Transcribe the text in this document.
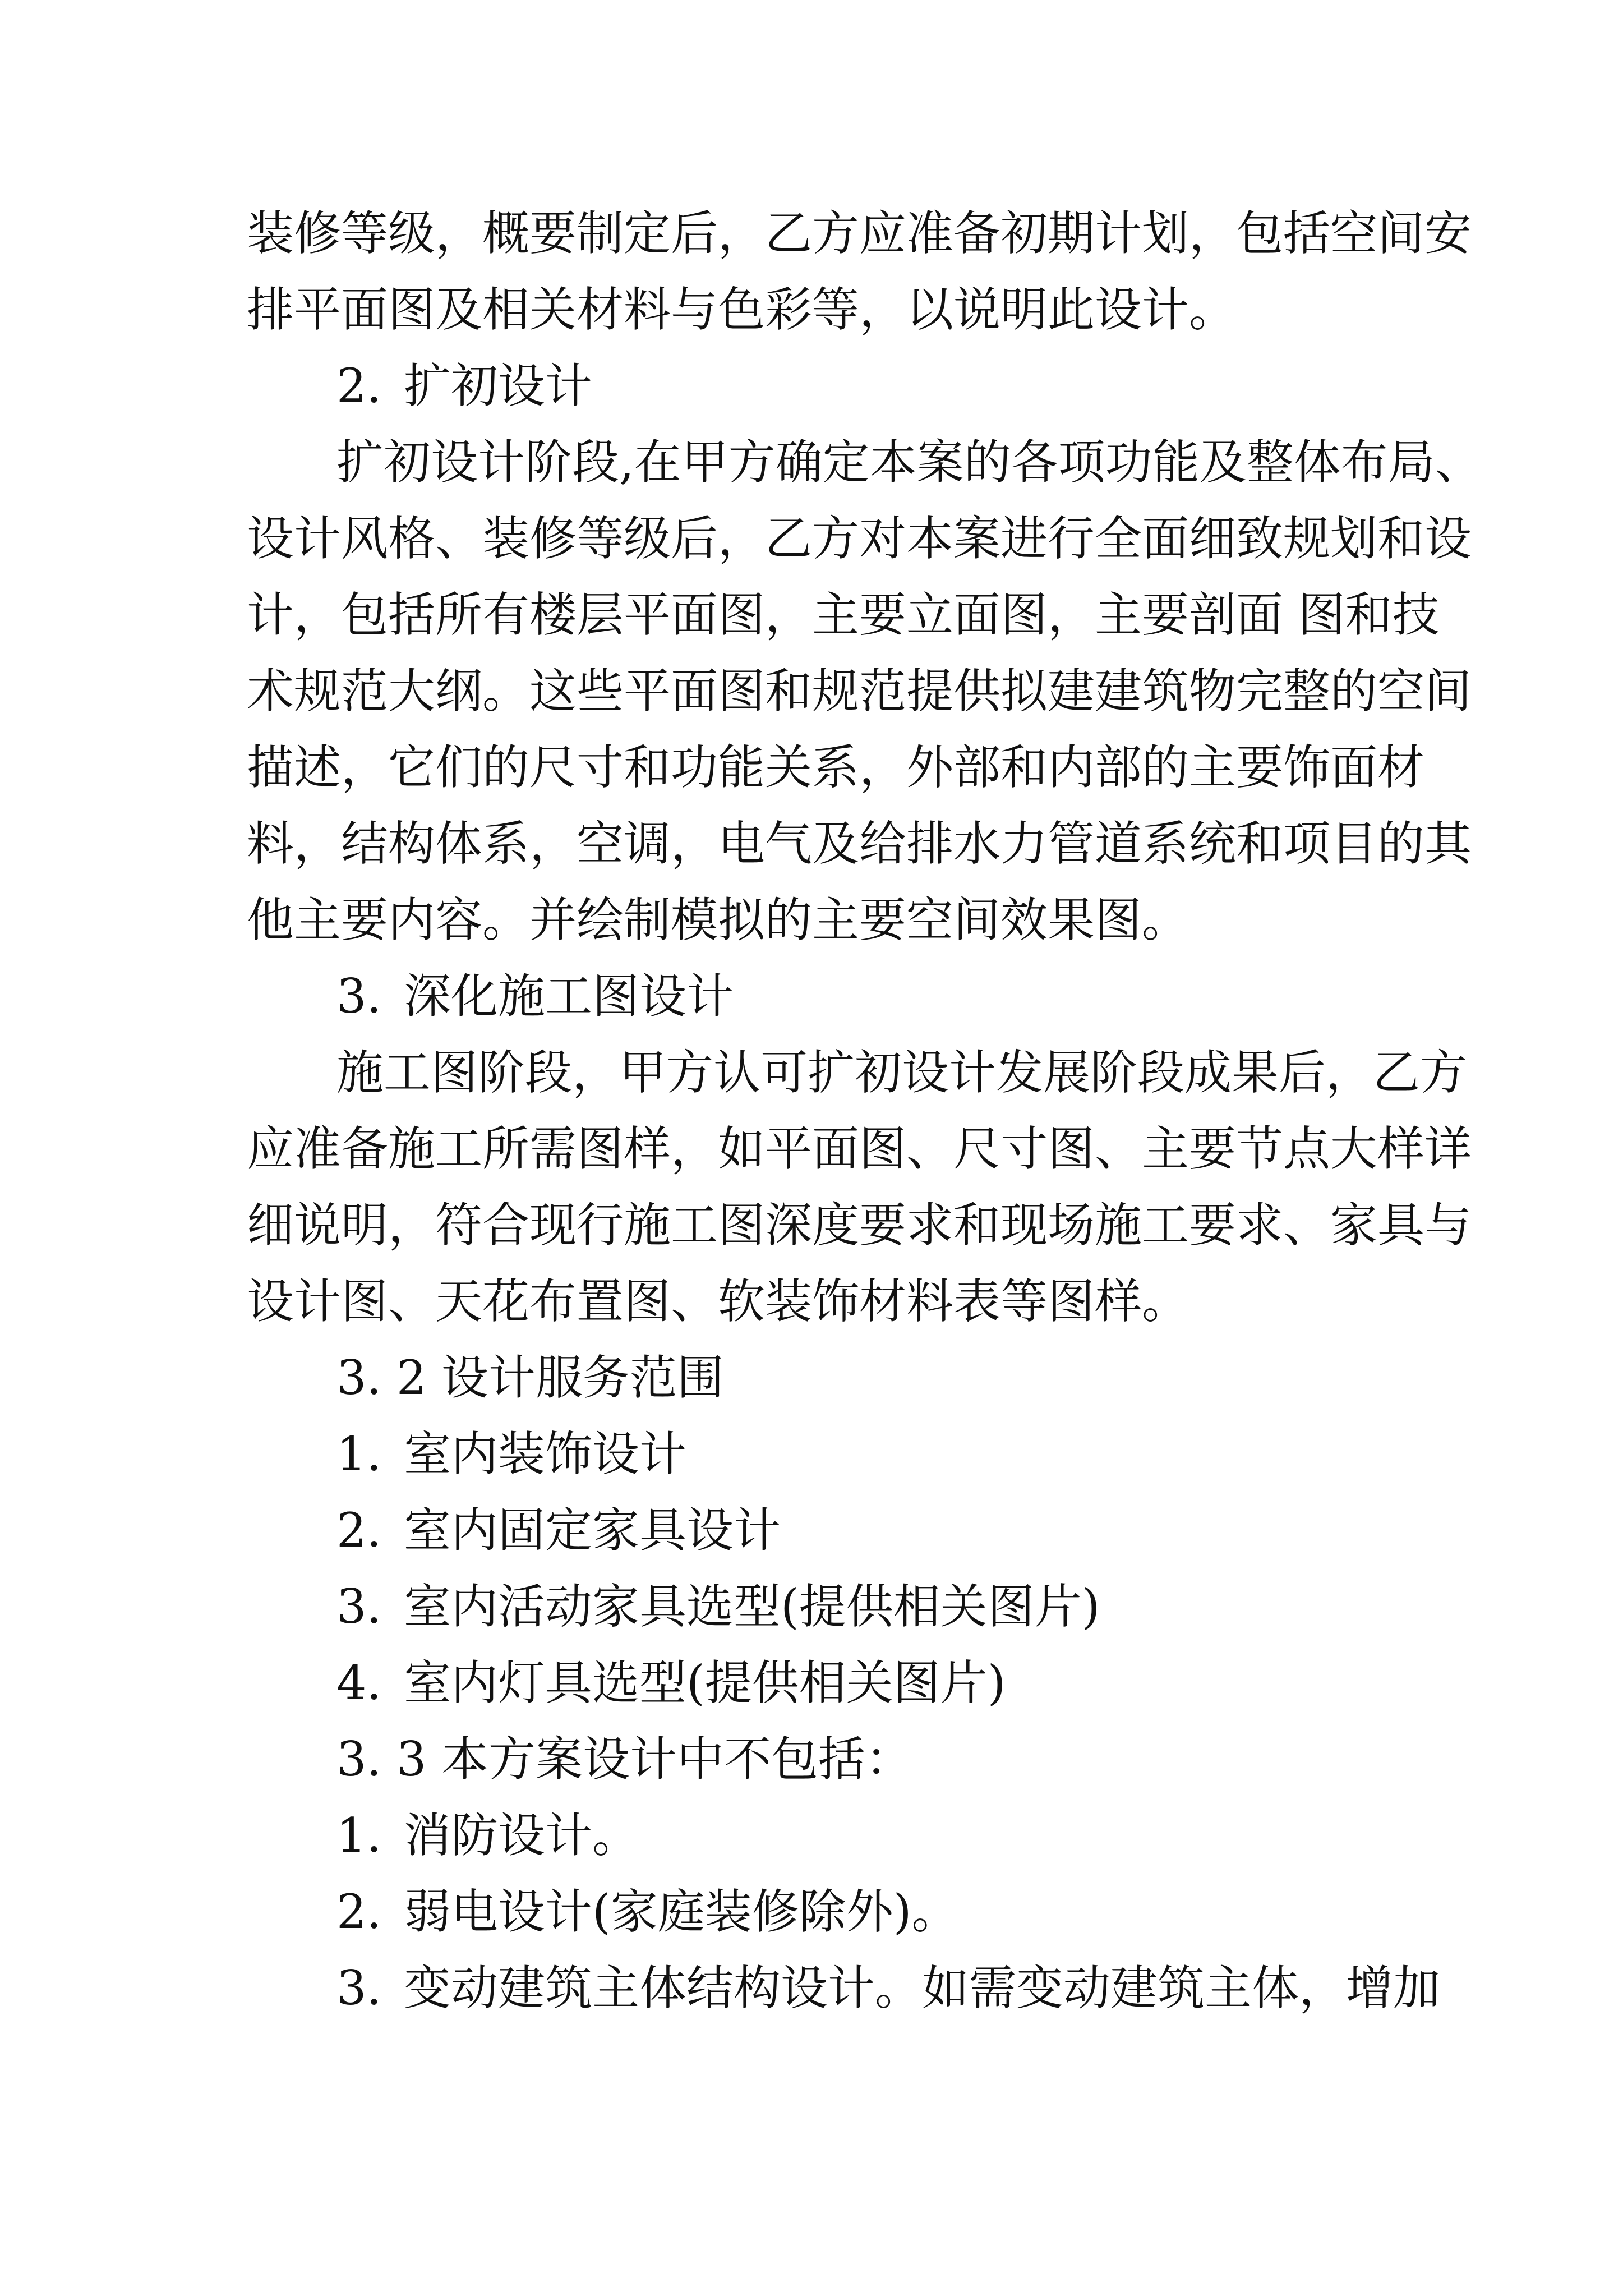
装修等级，概要制定后，乙方应准备初期计划，包括空间安

排平面图及相关材料与色彩等，以说明此设计。

2. 扩初设计

扩初设计阶段,在甲方确定本案的各项功能及整体布局、

设计风格、装修等级后，乙方对本案进行全面细致规划和设

计，包括所有楼层平面图，主要立面图，主要剖面 图和技

术规范大纲。这些平面图和规范提供拟建建筑物完整的空间

描述，它们的尺寸和功能关系，外部和内部的主要饰面材

料，结构体系，空调，电气及给排水力管道系统和项目的其

他主要内容。并绘制模拟的主要空间效果图。

3. 深化施工图设计

施工图阶段，甲方认可扩初设计发展阶段成果后，乙方

应准备施工所需图样，如平面图、尺寸图、主要节点大样详

细说明，符合现行施工图深度要求和现场施工要求、家具与

设计图、天花布置图、软装饰材料表等图样。

3. 2 设计服务范围

1. 室内装饰设计

2. 室内固定家具设计

3. 室内活动家具选型(提供相关图片)

4. 室内灯具选型(提供相关图片)

3. 3 本方案设计中不包括：

1. 消防设计。

2. 弱电设计(家庭装修除外)。

3. 变动建筑主体结构设计。如需变动建筑主体，增加
